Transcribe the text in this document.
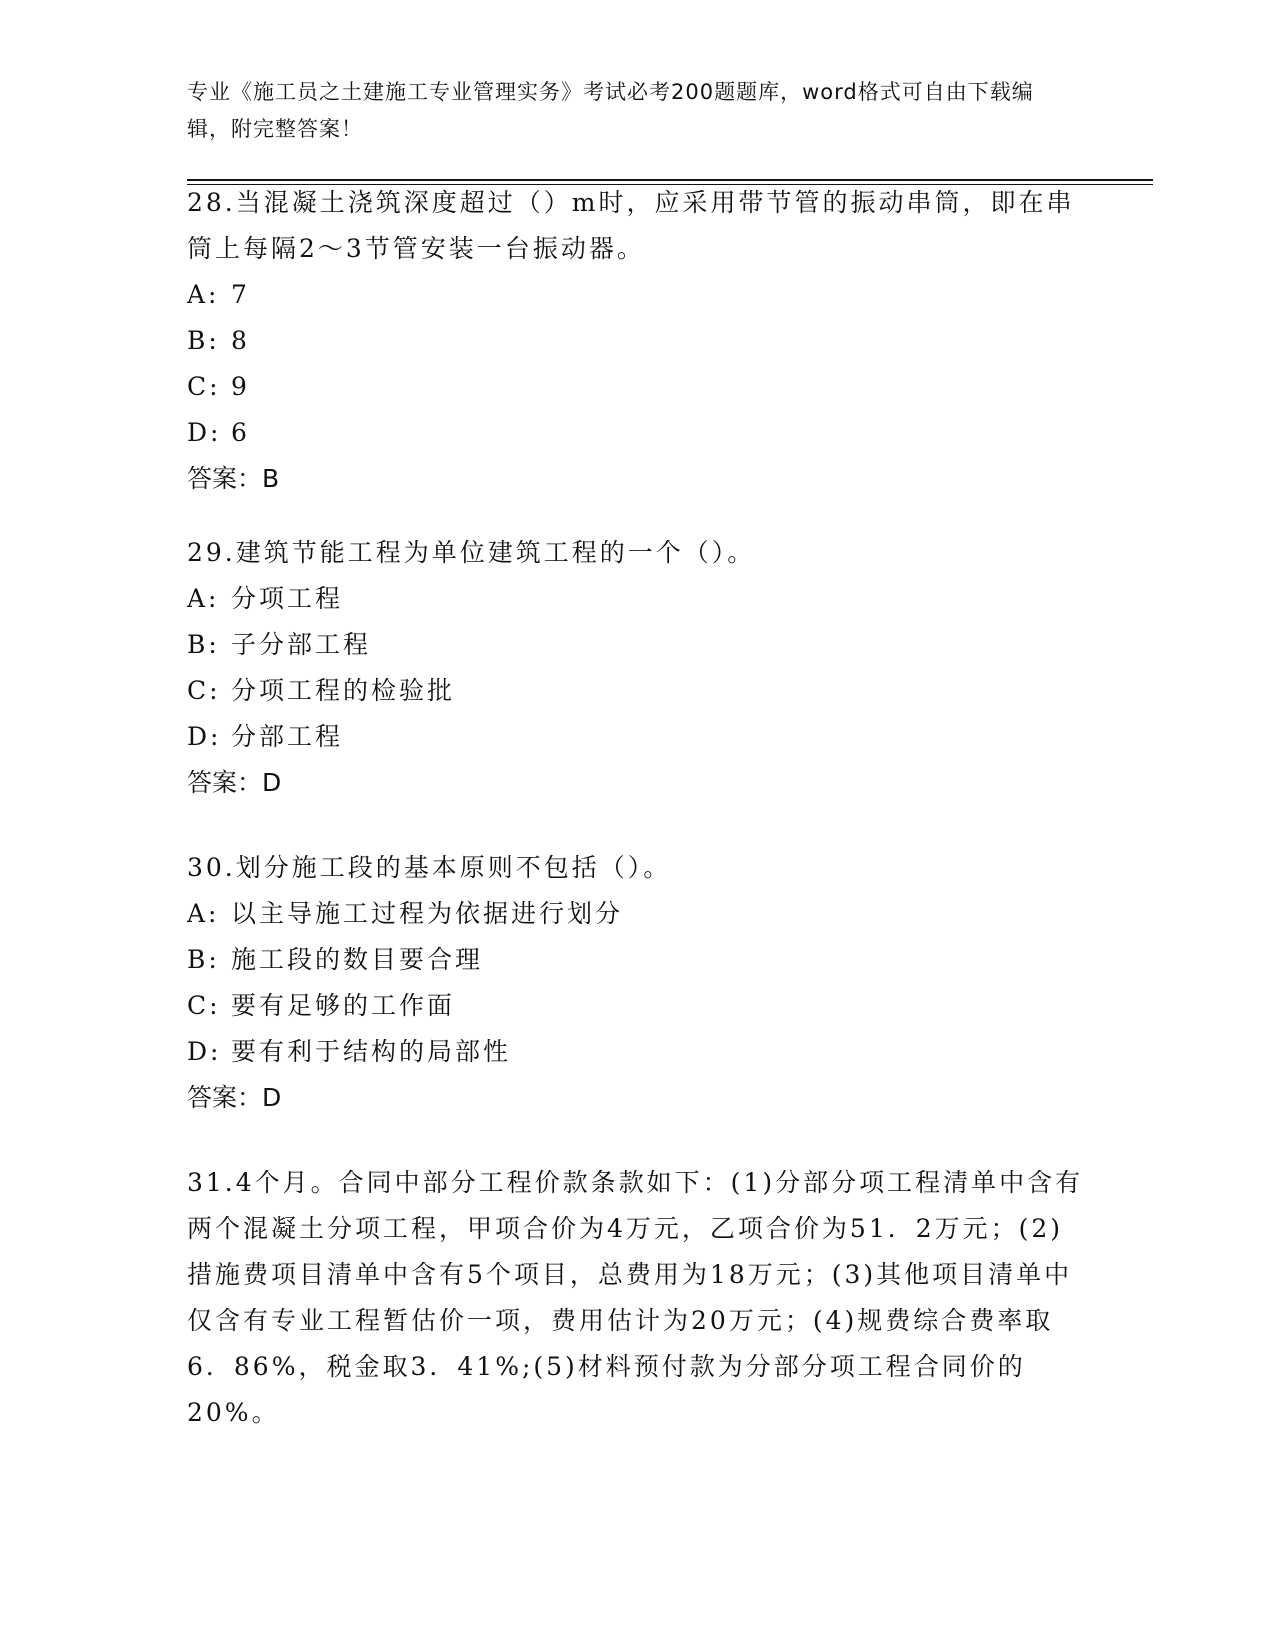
专业《施工员之土建施工专业管理实务》考试必考200题题库，word格式可自由下载编辑，附完整答案！

28.当混凝土浇筑深度超过（）m时，应采用带节管的振动串筒，即在串筒上每隔2～3节管安装一台振动器。

A: 7

B: 8

C: 9

D: 6

答案：B

29.建筑节能工程为单位建筑工程的一个（）。

A: 分项工程

B: 子分部工程

C: 分项工程的检验批

D: 分部工程

答案：D

30.划分施工段的基本原则不包括（）。

A: 以主导施工过程为依据进行划分

B: 施工段的数目要合理

C: 要有足够的工作面

D: 要有利于结构的局部性

答案：D

31.4个月。合同中部分工程价款条款如下：(1)分部分项工程清单中含有两个混凝土分项工程，甲项合价为4万元，乙项合价为51．2万元；(2)措施费项目清单中含有5个项目，总费用为18万元；(3)其他项目清单中仅含有专业工程暂估价一项，费用估计为20万元；(4)规费综合费率取6．86%，税金取3．41%;(5)材料预付款为分部分项工程合同价的20%。
